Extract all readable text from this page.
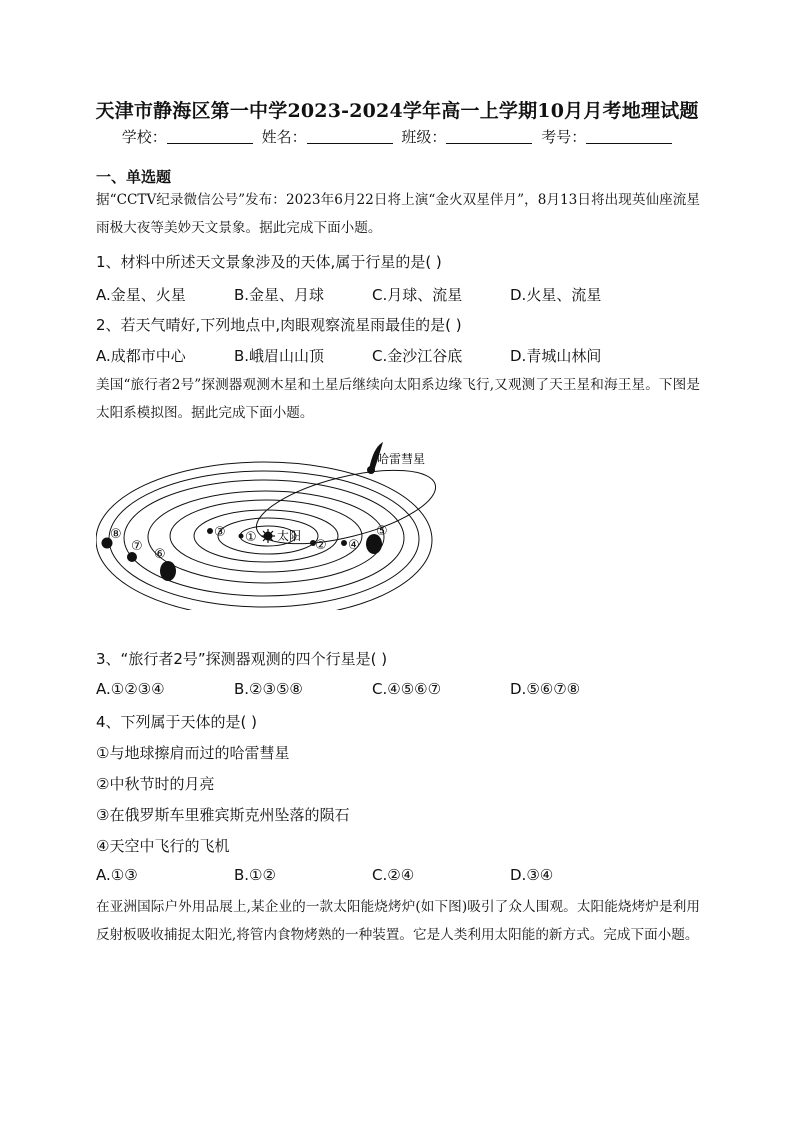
天津市静海区第一中学2023-2024学年高一上学期10月月考地理试题
学校：	姓名：	班级：	考号：
一、单选题
据“CCTV纪录微信公号”发布：2023年6月22日将上演“金火双星伴月”，8月13日将出现英仙座流星雨极大夜等美妙天文景象。据此完成下面小题。
1、材料中所述天文景象涉及的天体,属于行星的是( )
A.金星、火星	B.金星、月球	C.月球、流星	D.火星、流星
2、若天气晴好,下列地点中,肉眼观察流星雨最佳的是( )
A.成都市中心	B.峨眉山山顶	C.金沙江谷底	D.青城山林间
美国“旅行者2号”探测器观测木星和土星后继续向太阳系边缘飞行,又观测了天王星和海王星。下图是太阳系模拟图。据此完成下面小题。
太阳
哈雷彗星
①
②
③
④
⑤
⑥
⑦
⑧
3、“旅行者2号”探测器观测的四个行星是( )
A.①②③④	B.②③⑤⑧	C.④⑤⑥⑦	D.⑤⑥⑦⑧
4、下列属于天体的是( )
①与地球擦肩而过的哈雷彗星
②中秋节时的月亮
③在俄罗斯车里雅宾斯克州坠落的陨石
④天空中飞行的飞机
A.①③	B.①②	C.②④	D.③④
在亚洲国际户外用品展上,某企业的一款太阳能烧烤炉(如下图)吸引了众人围观。太阳能烧烤炉是利用反射板吸收捕捉太阳光,将管内食物烤熟的一种装置。它是人类利用太阳能的新方式。完成下面小题。
